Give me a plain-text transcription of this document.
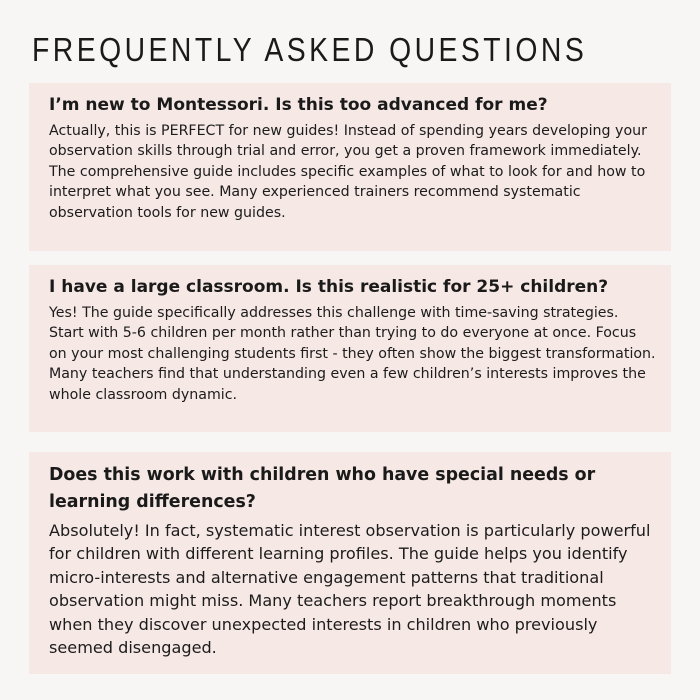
FREQUENTLY ASKED QUESTIONS
I’m new to Montessori. Is this too advanced for me?

Actually, this is PERFECT for new guides! Instead of spending years developing your observation skills through trial and error, you get a proven framework immediately. The comprehensive guide includes specific examples of what to look for and how to interpret what you see. Many experienced trainers recommend systematic observation tools for new guides.

I have a large classroom. Is this realistic for 25+ children?

Yes! The guide specifically addresses this challenge with time-saving strategies. Start with 5-6 children per month rather than trying to do everyone at once. Focus on your most challenging students first - they often show the biggest transformation. Many teachers find that understanding even a few children’s interests improves the whole classroom dynamic.

Does this work with children who have special needs or learning differences?

Absolutely! In fact, systematic interest observation is particularly powerful for children with different learning profiles. The guide helps you identify micro-interests and alternative engagement patterns that traditional observation might miss. Many teachers report breakthrough moments when they discover unexpected interests in children who previously seemed disengaged.
